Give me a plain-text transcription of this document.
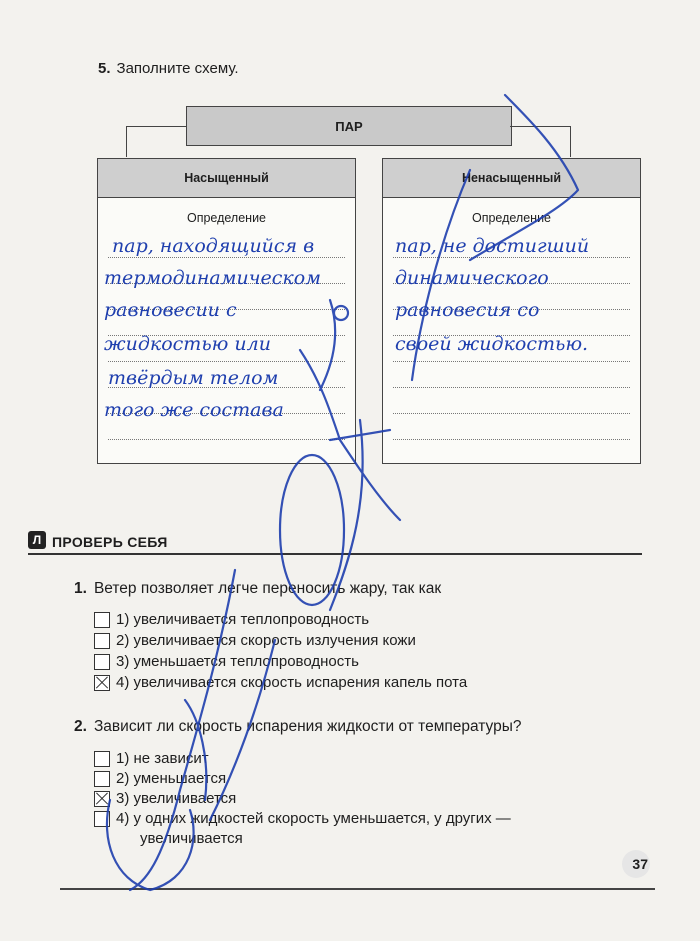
5. Заполните схему.
ПАР
Насыщенный
Определение
пар, находящийся в
термодинамическом
равновесии с
жидкостью или
твёрдым телом
того же состава
Ненасыщенный
Определение
пар, не достигший
динамического
равновесия со
своей жидкостью.
Л ПРОВЕРЬ СЕБЯ
1. Ветер позволяет легче переносить жару, так как
1) увеличивается теплопроводность
2) увеличивается скорость излучения кожи
3) уменьшается теплопроводность
4) увеличивается скорость испарения капель пота
2. Зависит ли скорость испарения жидкости от температуры?
1) не зависит
2) уменьшается
3) увеличивается
4) у одних жидкостей скорость уменьшается, у других —
увеличивается
37
